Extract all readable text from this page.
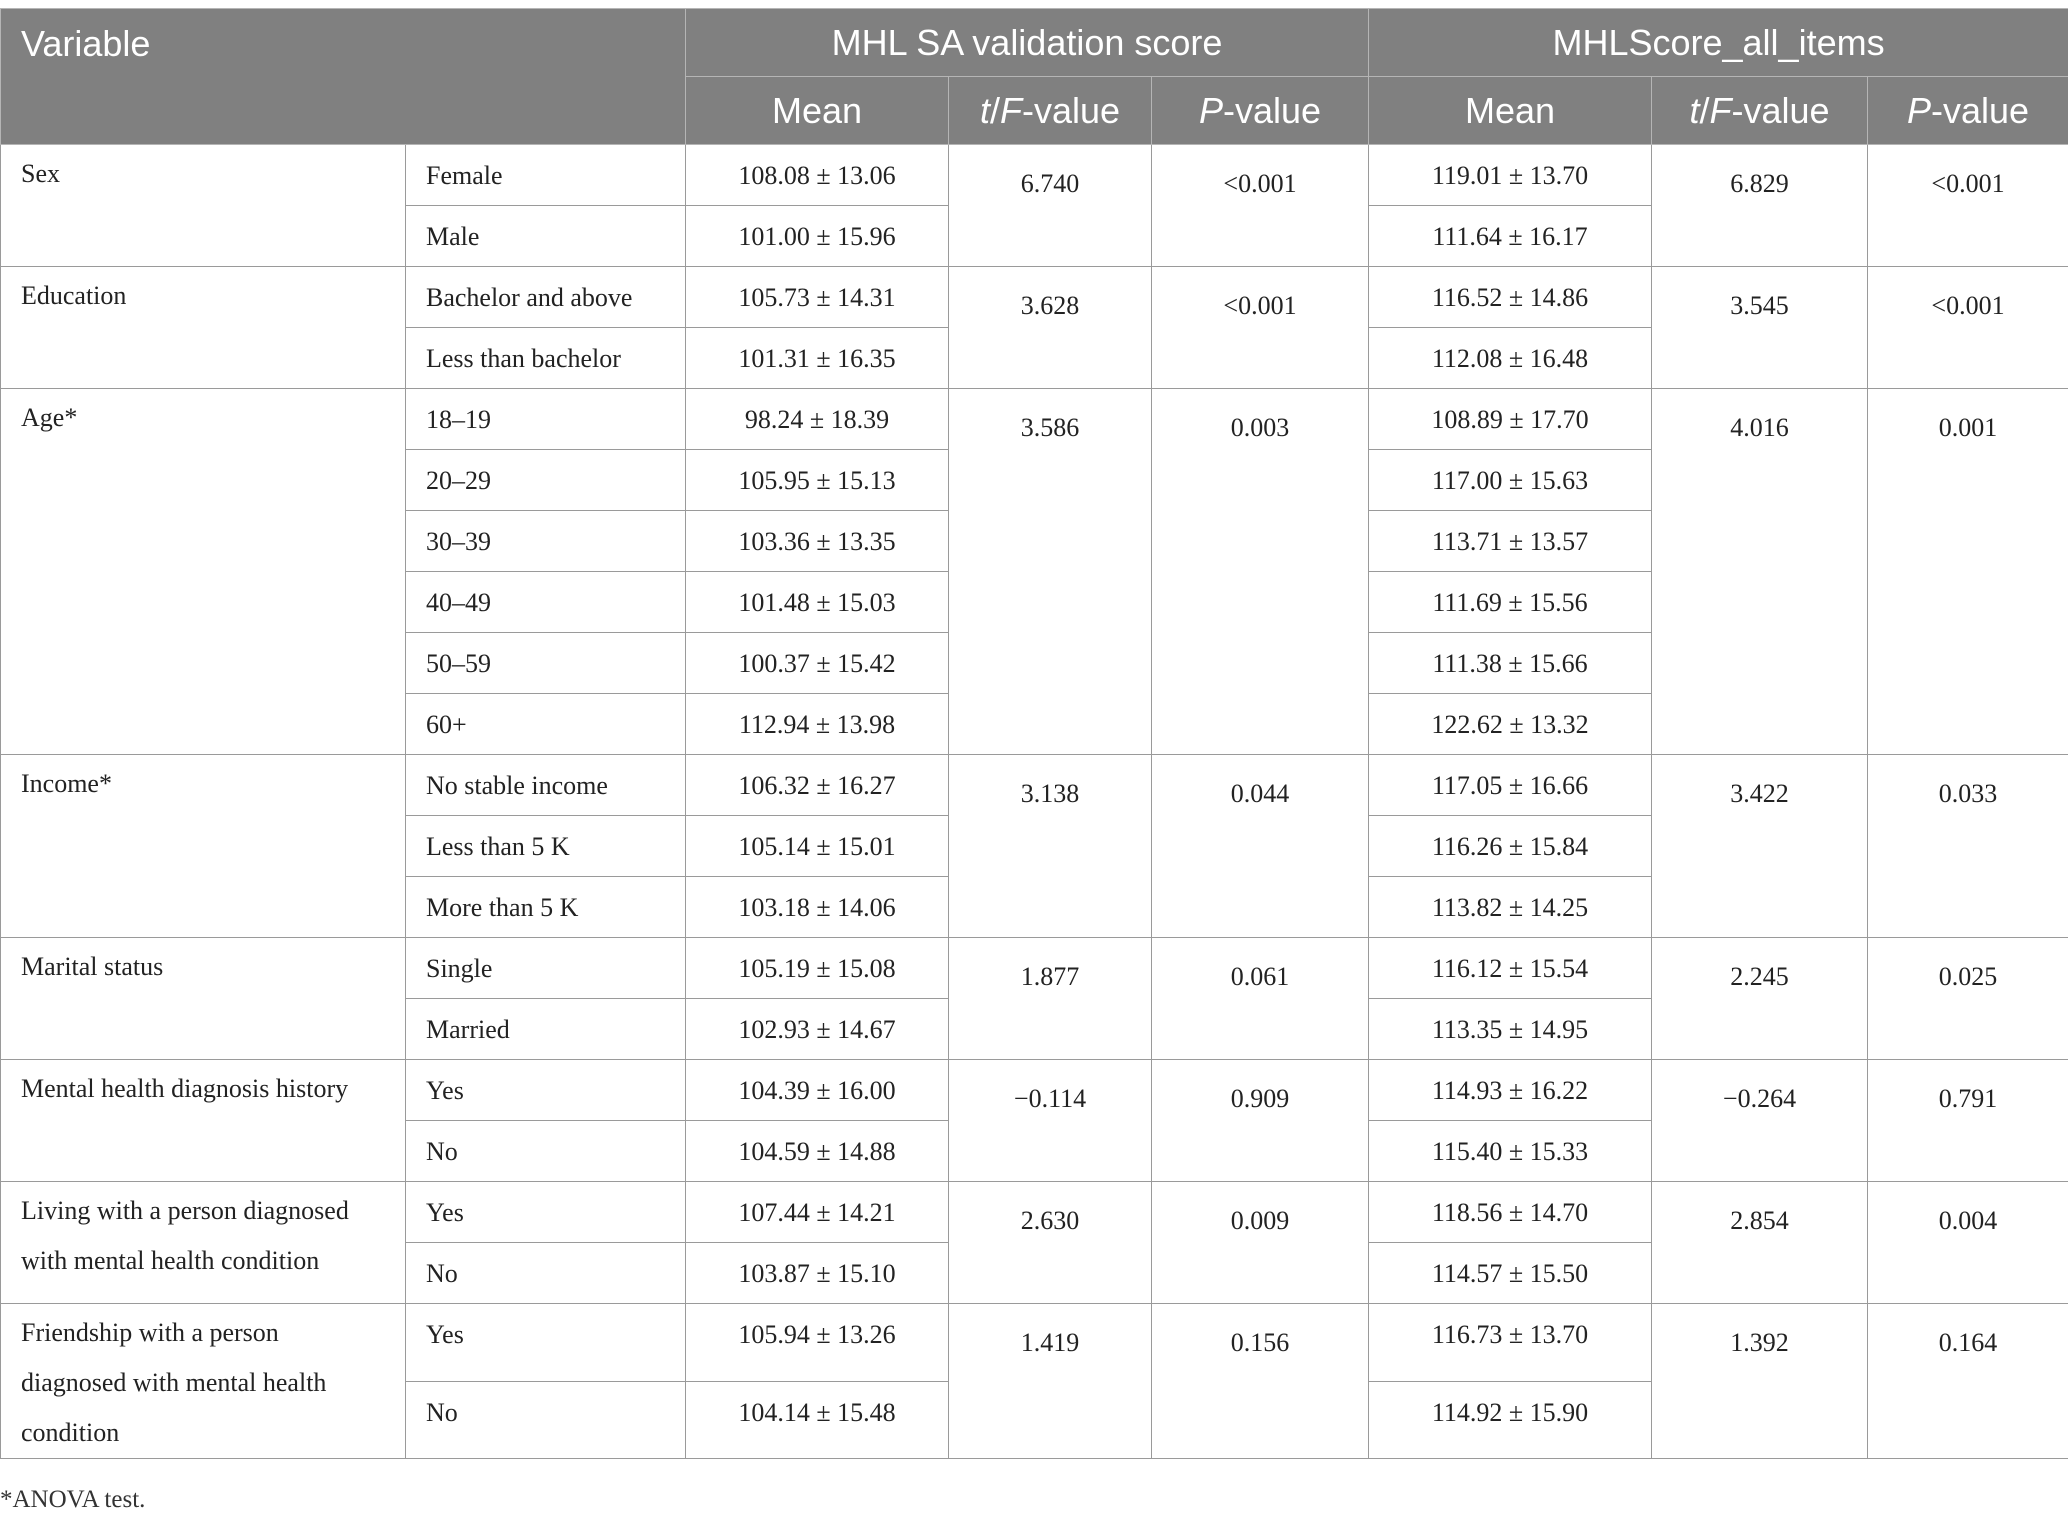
Variable		MHL SA validation score			MHLScore_all_items		
		Mean	t/F-value	P-value	Mean	t/F-value	P-value
Sex	Female	108.08 ± 13.06	6.740	<0.001	119.01 ± 13.70	6.829	<0.001
	Male	101.00 ± 15.96			111.64 ± 16.17		
Education	Bachelor and above	105.73 ± 14.31	3.628	<0.001	116.52 ± 14.86	3.545	<0.001
	Less than bachelor	101.31 ± 16.35			112.08 ± 16.48		
Age*	18–19	98.24 ± 18.39	3.586	0.003	108.89 ± 17.70	4.016	0.001
	20–29	105.95 ± 15.13			117.00 ± 15.63		
	30–39	103.36 ± 13.35			113.71 ± 13.57		
	40–49	101.48 ± 15.03			111.69 ± 15.56		
	50–59	100.37 ± 15.42			111.38 ± 15.66		
	60+	112.94 ± 13.98			122.62 ± 13.32		
Income*	No stable income	106.32 ± 16.27	3.138	0.044	117.05 ± 16.66	3.422	0.033
	Less than 5 K	105.14 ± 15.01			116.26 ± 15.84		
	More than 5 K	103.18 ± 14.06			113.82 ± 14.25		
Marital status	Single	105.19 ± 15.08	1.877	0.061	116.12 ± 15.54	2.245	0.025
	Married	102.93 ± 14.67			113.35 ± 14.95		
Mental health diagnosis history	Yes	104.39 ± 16.00	−0.114	0.909	114.93 ± 16.22	−0.264	0.791
	No	104.59 ± 14.88			115.40 ± 15.33		
Living with a person diagnosed with mental health condition	Yes	107.44 ± 14.21	2.630	0.009	118.56 ± 14.70	2.854	0.004
	No	103.87 ± 15.10			114.57 ± 15.50		
Friendship with a person diagnosed with mental health condition	Yes	105.94 ± 13.26	1.419	0.156	116.73 ± 13.70	1.392	0.164
	No	104.14 ± 15.48			114.92 ± 15.90		
*ANOVA test.
